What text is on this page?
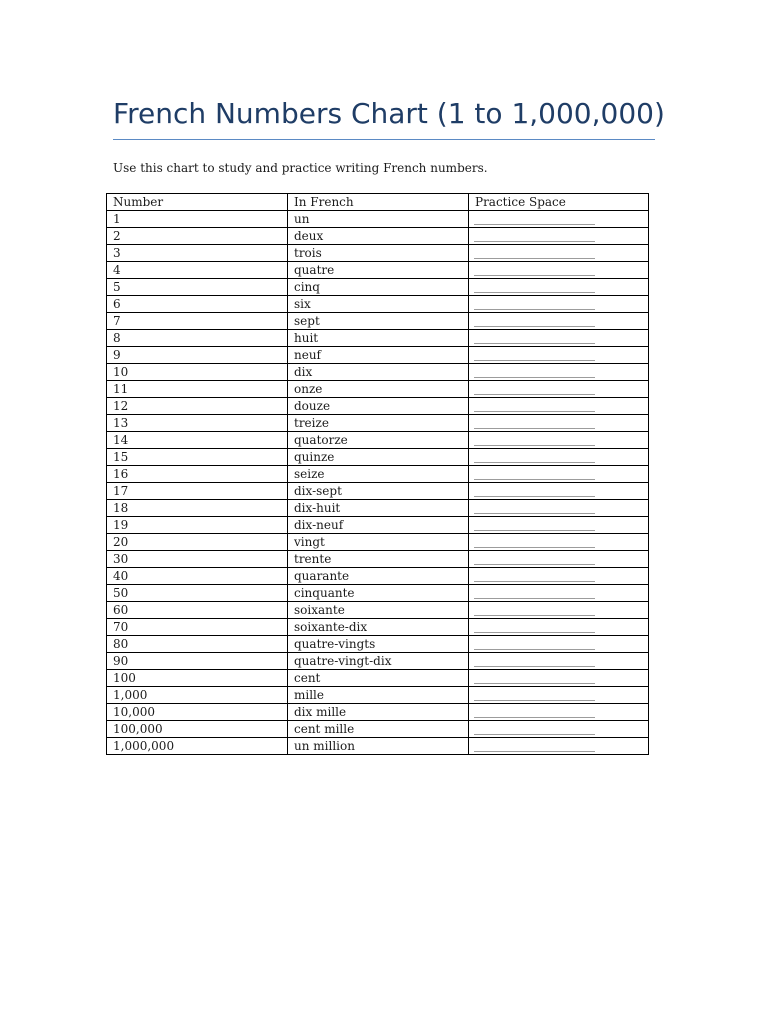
French Numbers Chart (1 to 1,000,000)

Use this chart to study and practice writing French numbers.

Number	In French	Practice Space
1	un	______________________
2	deux	______________________
3	trois	______________________
4	quatre	______________________
5	cinq	______________________
6	six	______________________
7	sept	______________________
8	huit	______________________
9	neuf	______________________
10	dix	______________________
11	onze	______________________
12	douze	______________________
13	treize	______________________
14	quatorze	______________________
15	quinze	______________________
16	seize	______________________
17	dix-sept	______________________
18	dix-huit	______________________
19	dix-neuf	______________________
20	vingt	______________________
30	trente	______________________
40	quarante	______________________
50	cinquante	______________________
60	soixante	______________________
70	soixante-dix	______________________
80	quatre-vingts	______________________
90	quatre-vingt-dix	______________________
100	cent	______________________
1,000	mille	______________________
10,000	dix mille	______________________
100,000	cent mille	______________________
1,000,000	un million	______________________
